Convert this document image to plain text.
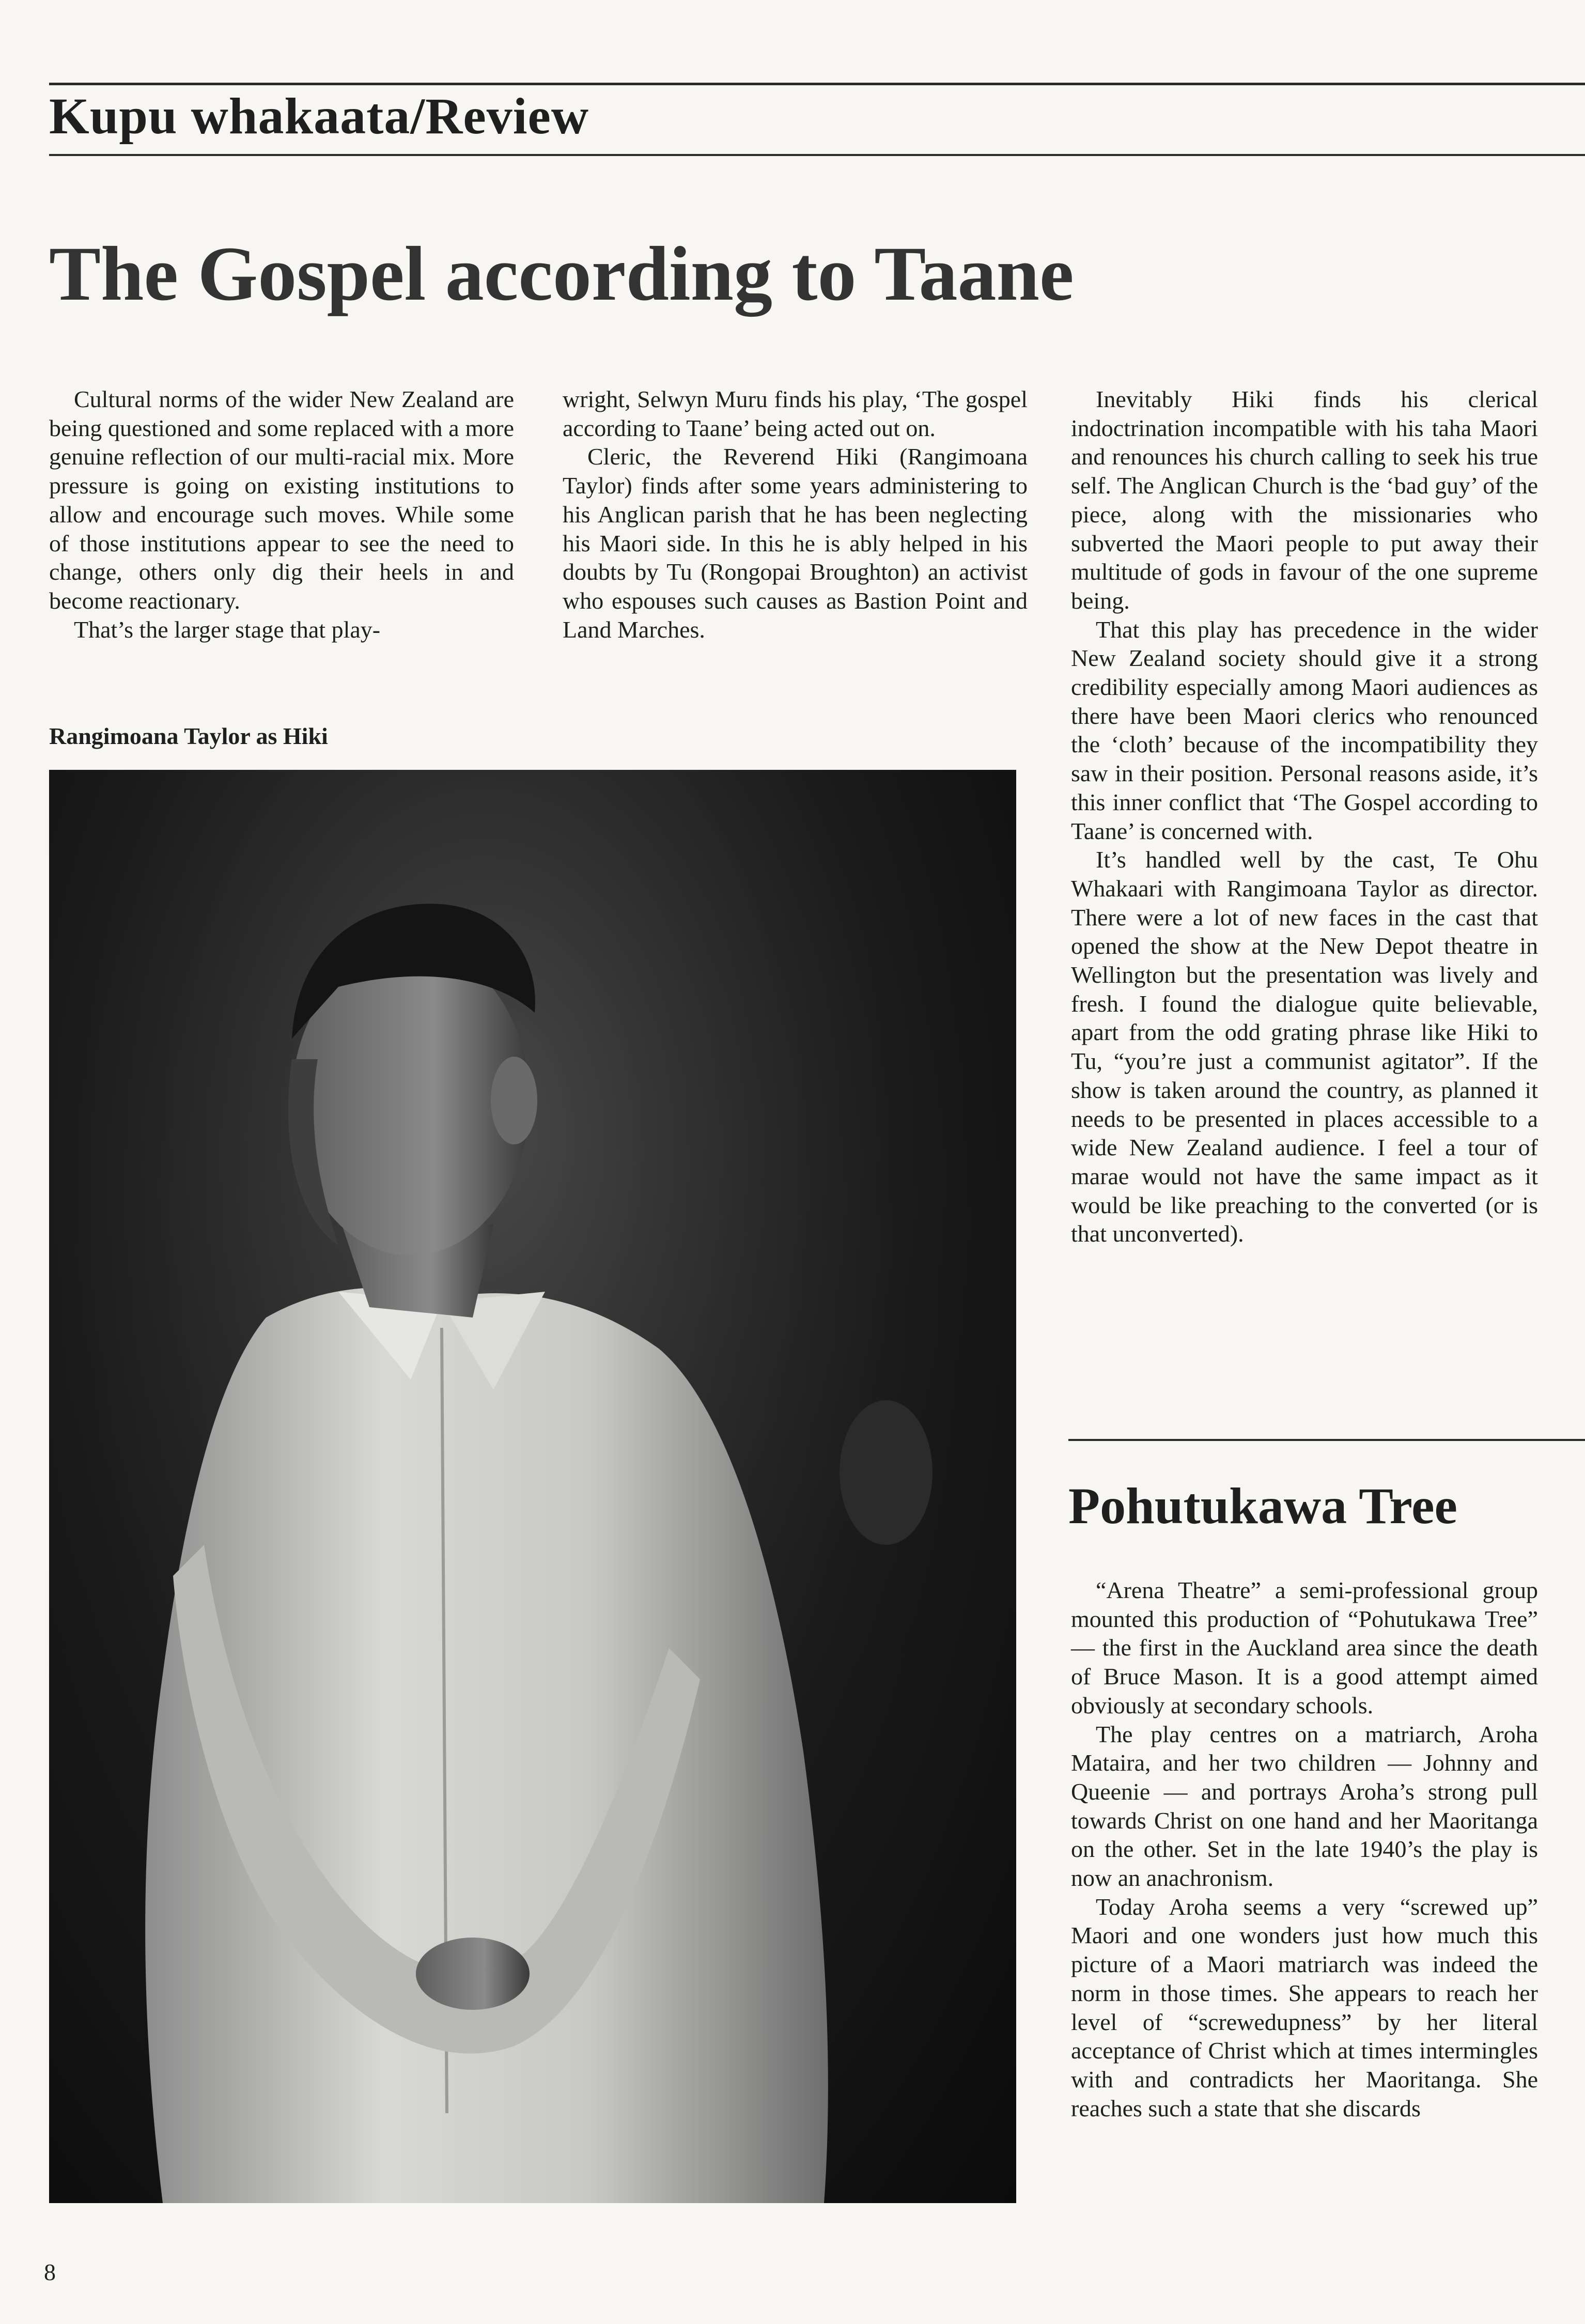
Kupu whakaata/Review
The Gospel according to Taane

Cultural norms of the wider New Zealand are being questioned and some replaced with a more genuine reflection of our multi-racial mix. More pressure is going on existing institutions to allow and encourage such moves. While some of those institutions appear to see the need to change, others only dig their heels in and become reactionary.

That’s the larger stage that play-

Rangimoana Taylor as Hiki

wright, Selwyn Muru finds his play, ‘The gospel according to Taane’ being acted out on.

Cleric, the Reverend Hiki (Rangimoana Taylor) finds after some years administering to his Anglican parish that he has been neglecting his Maori side. In this he is ably helped in his doubts by Tu (Rongopai Broughton) an activist who espouses such causes as Bastion Point and Land Marches.

Inevitably Hiki finds his clerical indoctrination incompatible with his taha Maori and renounces his church calling to seek his true self. The Anglican Church is the ‘bad guy’ of the piece, along with the missionaries who subverted the Maori people to put away their multitude of gods in favour of the one supreme being.

That this play has precedence in the wider New Zealand society should give it a strong credibility especially among Maori audiences as there have been Maori clerics who renounced the ‘cloth’ because of the incompatibility they saw in their position. Personal reasons aside, it’s this inner conflict that ‘The Gospel according to Taane’ is concerned with.

It’s handled well by the cast, Te Ohu Whakaari with Rangimoana Taylor as director. There were a lot of new faces in the cast that opened the show at the New Depot theatre in Wellington but the presentation was lively and fresh. I found the dialogue quite believable, apart from the odd grating phrase like Hiki to Tu, “you’re just a communist agitator”. If the show is taken around the country, as planned it needs to be presented in places accessible to a wide New Zealand audience. I feel a tour of marae would not have the same impact as it would be like preaching to the converted (or is that unconverted).

Pohutukawa Tree

“Arena Theatre” a semi-professional group mounted this production of “Pohutukawa Tree” — the first in the Auckland area since the death of Bruce Mason. It is a good attempt aimed obviously at secondary schools.

The play centres on a matriarch, Aroha Mataira, and her two children — Johnny and Queenie — and portrays Aroha’s strong pull towards Christ on one hand and her Maoritanga on the other. Set in the late 1940’s the play is now an anachronism.

Today Aroha seems a very “screwed up” Maori and one wonders just how much this picture of a Maori matriarch was indeed the norm in those times. She appears to reach her level of “screwedupness” by her literal acceptance of Christ which at times intermingles with and contradicts her Maoritanga. She reaches such a state that she discards

8
